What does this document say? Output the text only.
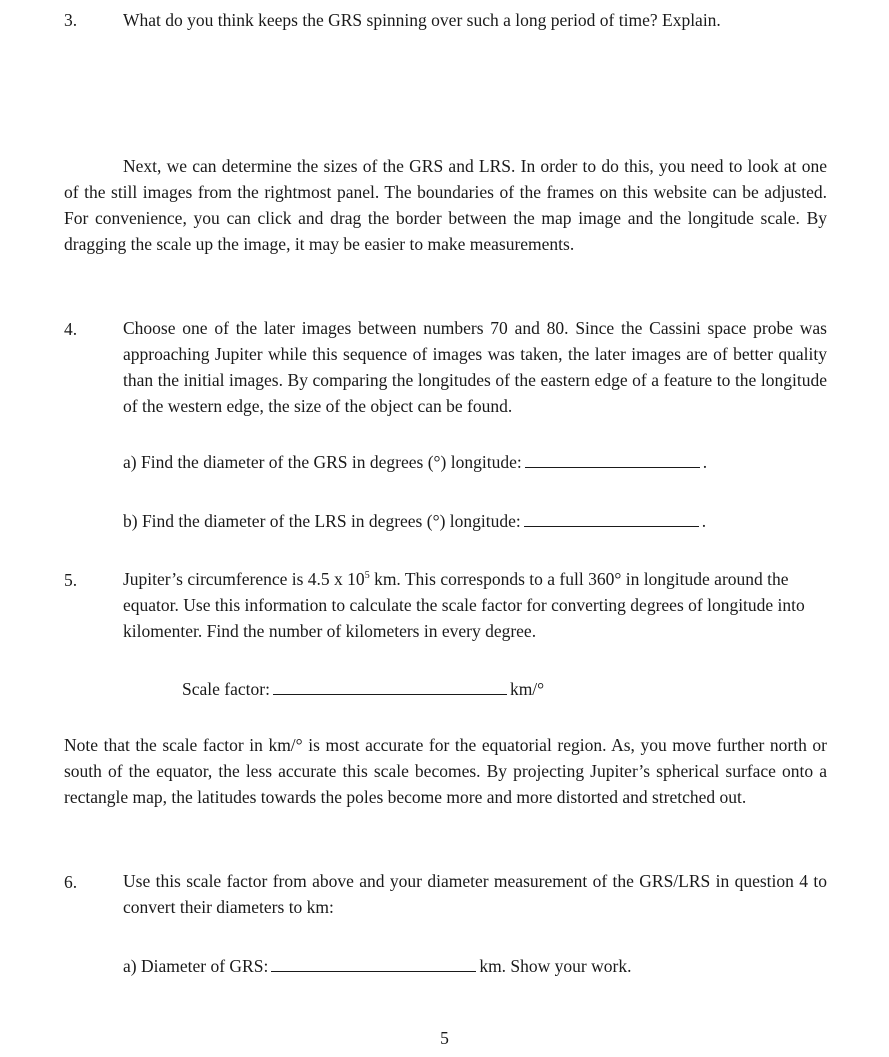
3.	What do you think keeps the GRS spinning over such a long period of time? Explain.

Next, we can determine the sizes of the GRS and LRS. In order to do this, you need to look at one of the still images from the rightmost panel. The boundaries of the frames on this website can be adjusted. For convenience, you can click and drag the border between the map image and the longitude scale. By dragging the scale up the image, it may be easier to make measurements.

4.	Choose one of the later images between numbers 70 and 80. Since the Cassini space probe was approaching Jupiter while this sequence of images was taken, the later images are of better quality than the initial images. By comparing the longitudes of the eastern edge of a feature to the longitude of the western edge, the size of the object can be found.

a) Find the diameter of the GRS in degrees (°) longitude:	.
b) Find the diameter of the LRS in degrees (°) longitude:	.
5.	Jupiter’s circumference is 4.5 x $10^5$ km. This corresponds to a full 360° in longitude around the equator. Use this information to calculate the scale factor for converting degrees of longitude into kilomenter. Find the number of kilometers in every degree.

Scale factor:	km/°

Note that the scale factor in km/° is most accurate for the equatorial region. As, you move further north or south of the equator, the less accurate this scale becomes. By projecting Jupiter’s spherical surface onto a rectangle map, the latitudes towards the poles become more and more distorted and stretched out.

6.	Use this scale factor from above and your diameter measurement of the GRS/LRS in question 4 to convert their diameters to km:

a) Diameter of GRS:	km. Show your work.
5
